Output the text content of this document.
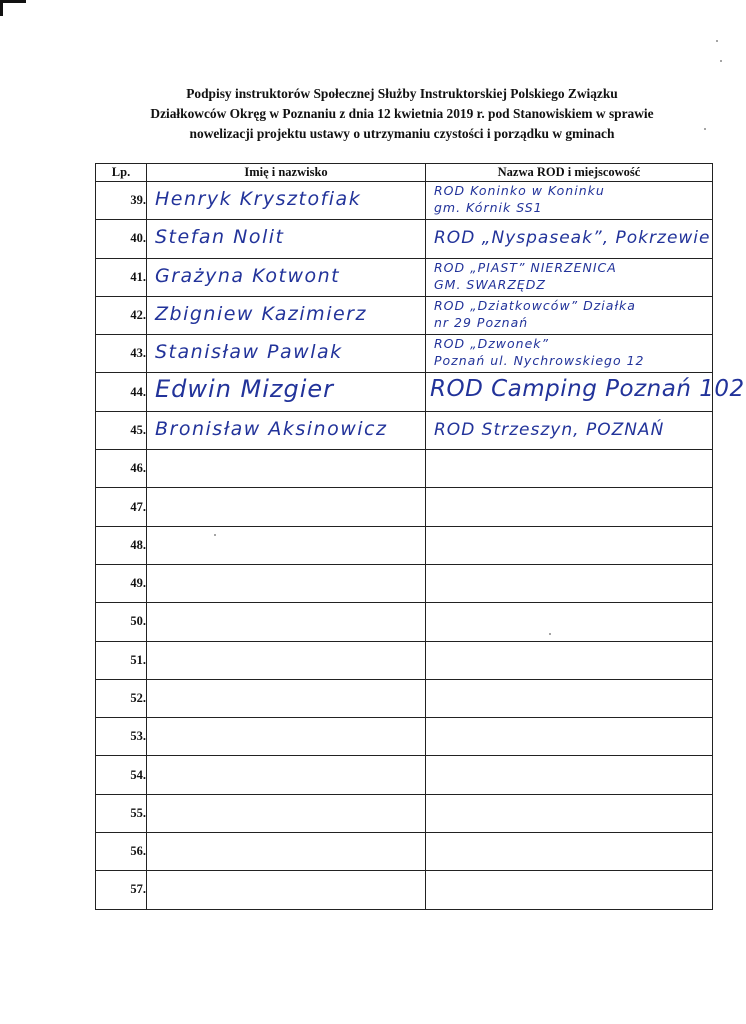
Podpisy instruktorów Społecznej Służby Instruktorskiej Polskiego Związku
Działkowców Okręg w Poznaniu z dnia 12 kwietnia 2019 r. pod Stanowiskiem w sprawie
nowelizacji projektu ustawy o utrzymaniu czystości i porządku w gminach
Lp.	Imię i nazwisko	Nazwa ROD i miejscowość
39.	Henryk Krysztofiak	ROD Koninko w Koninku
gm. Kórnik SS1

40.	Stefan Nolit	ROD „Nyspaseak”, Pokrzewie

41.	Grażyna Kotwont	ROD „PIAST” NIERZENICA
GM. SWARZĘDZ

42.	Zbigniew Kazimierz	ROD „Dziatkowców” Działka
nr 29 Poznań

43.	Stanisław Pawlak	ROD „Dzwonek”
Poznań ul. Nychrowskiego 12

44.	Edwin Mizgier	ROD Camping Poznań 102

45.	Bronisław Aksinowicz	ROD Strzeszyn, POZNAŃ

46.		
47.		
48.		
49.		
50.		
51.		
52.		
53.		
54.		
55.		
56.		
57.		
